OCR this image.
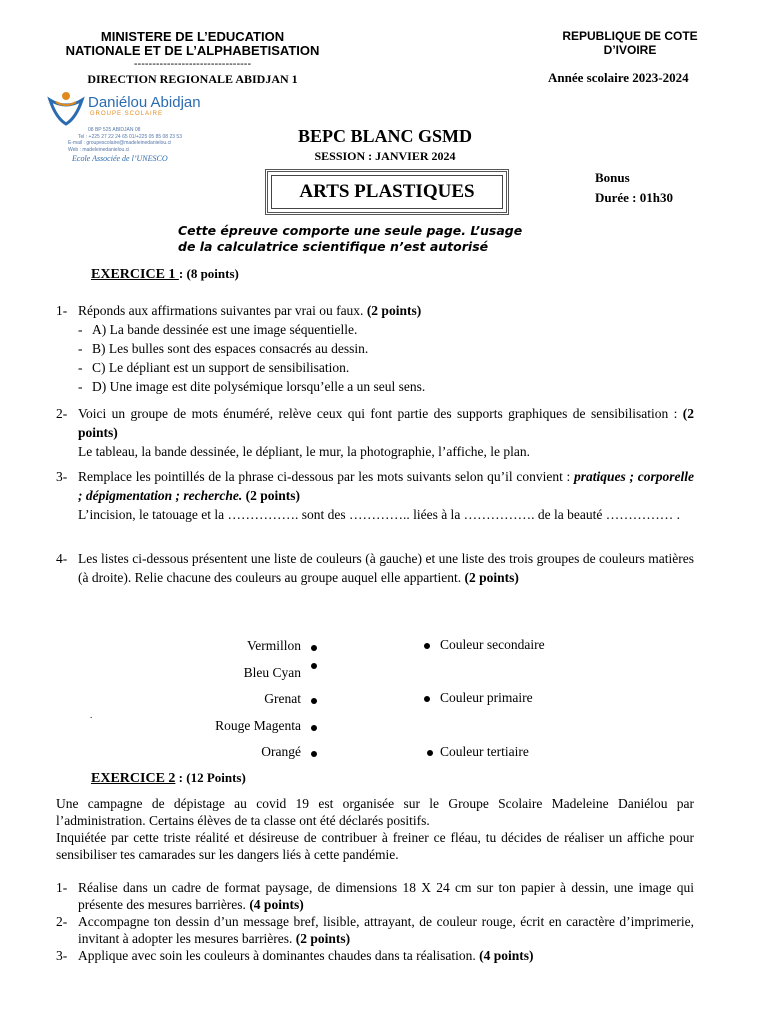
MINISTERE DE L’EDUCATION
NATIONALE ET DE L’ALPHABETISATION
--------------------------------
DIRECTION REGIONALE ABIDJAN 1
REPUBLIQUE DE COTE
D’IVOIRE
Année scolaire 2023-2024
Daniélou Abidjan
GROUPE SCOLAIRE
08 BP 525 ABIDJAN 08
Tel : +225 27 22 24 65 01/+225 05 85 08 23 53
E-mail : groupescolaire@madeleinedanielou.ci
Web : madeleinedanielou.ci
Ecole Associée de l’UNESCO
BEPC BLANC GSMD
SESSION : JANVIER 2024
ARTS PLASTIQUES
Bonus
Durée : 01h30
Cette épreuve comporte une seule page. L’usage
de la calculatrice scientifique n’est autorisé
EXERCICE 1 : (8 points)
1- Réponds aux affirmations suivantes par vrai ou faux. (2 points)
- A) La bande dessinée est une image séquentielle.
- B) Les bulles sont des espaces consacrés au dessin.
- C) Le dépliant est un support de sensibilisation.
- D) Une image est dite polysémique lorsqu’elle a un seul sens.
2- Voici un groupe de mots énuméré, relève ceux qui font partie des supports graphiques de sensibilisation : (2 points)
Le tableau, la bande dessinée, le dépliant, le mur, la photographie, l’affiche, le plan.
3- Remplace les pointillés de la phrase ci-dessous par les mots suivants selon qu’il convient : pratiques ; corporelle ; dépigmentation ; recherche. (2 points)
L’incision, le tatouage et la ……………. sont des ………….. liées à la ……………. de la beauté …………… .
4- Les listes ci-dessous présentent une liste de couleurs (à gauche) et une liste des trois groupes de couleurs matières (à droite). Relie chacune des couleurs au groupe auquel elle appartient. (2 points)
Vermillon
Bleu Cyan
Grenat
Rouge Magenta
Orangé
Couleur secondaire
Couleur primaire
Couleur tertiaire
.
EXERCICE 2 : (12 Points)
Une campagne de dépistage au covid 19 est organisée sur le Groupe Scolaire Madeleine Daniélou par l’administration. Certains élèves de ta classe ont été déclarés positifs.
Inquiétée par cette triste réalité et désireuse de contribuer à freiner ce fléau, tu décides de réaliser un affiche pour sensibiliser tes camarades sur les dangers liés à cette pandémie.
1- Réalise dans un cadre de format paysage, de dimensions 18 X 24 cm sur ton papier à dessin, une image qui présente des mesures barrières. (4 points)
2- Accompagne ton dessin d’un message bref, lisible, attrayant, de couleur rouge, écrit en caractère d’imprimerie, invitant à adopter les mesures barrières. (2 points)
3- Applique avec soin les couleurs à dominantes chaudes dans ta réalisation. (4 points)
